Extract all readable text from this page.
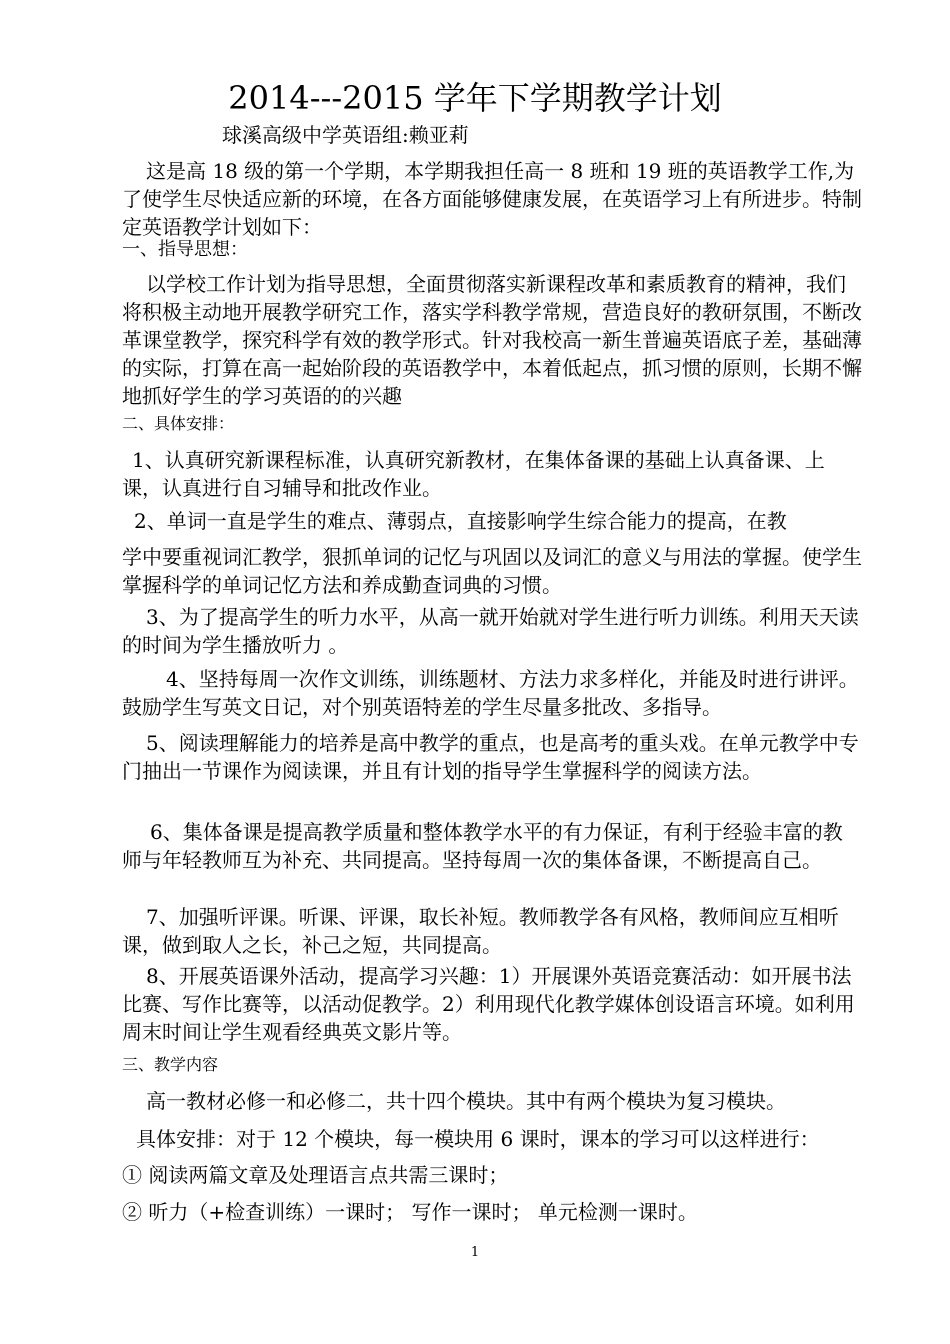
2014---2015 学年下学期教学计划
球溪高级中学英语组:赖亚莉
这是高 18 级的第一个学期，本学期我担任高一 8 班和 19 班的英语教学工作,为了使学生尽快适应新的环境，在各方面能够健康发展，在英语学习上有所进步。特制定英语教学计划如下：
一、指导思想：
以学校工作计划为指导思想，全面贯彻落实新课程改革和素质教育的精神，我们将积极主动地开展教学研究工作，落实学科教学常规，营造良好的教研氛围，不断改革课堂教学，探究科学有效的教学形式。针对我校高一新生普遍英语底子差，基础薄的实际，打算在高一起始阶段的英语教学中，本着低起点，抓习惯的原则，长期不懈地抓好学生的学习英语的的兴趣
二、具体安排：
1、认真研究新课程标准，认真研究新教材，在集体备课的基础上认真备课、上课，认真进行自习辅导和批改作业。
2、单词一直是学生的难点、薄弱点，直接影响学生综合能力的提高，在教
学中要重视词汇教学，狠抓单词的记忆与巩固以及词汇的意义与用法的掌握。使学生掌握科学的单词记忆方法和养成勤查词典的习惯。
3、为了提高学生的听力水平，从高一就开始就对学生进行听力训练。利用天天读的时间为学生播放听力 。
4、坚持每周一次作文训练，训练题材、方法力求多样化，并能及时进行讲评。鼓励学生写英文日记，对个别英语特差的学生尽量多批改、多指导。
5、阅读理解能力的培养是高中教学的重点，也是高考的重头戏。在单元教学中专门抽出一节课作为阅读课，并且有计划的指导学生掌握科学的阅读方法。
6、集体备课是提高教学质量和整体教学水平的有力保证，有利于经验丰富的教师与年轻教师互为补充、共同提高。坚持每周一次的集体备课，不断提高自己。
7、加强听评课。听课、评课，取长补短。教师教学各有风格，教师间应互相听课，做到取人之长，补己之短，共同提高。
8、开展英语课外活动，提高学习兴趣：1）开展课外英语竞赛活动：如开展书法比赛、写作比赛等，以活动促教学。2）利用现代化教学媒体创设语言环境。如利用周末时间让学生观看经典英文影片等。
三、教学内容
高一教材必修一和必修二，共十四个模块。其中有两个模块为复习模块。
具体安排：对于 12 个模块，每一模块用 6 课时，课本的学习可以这样进行：
① 阅读两篇文章及处理语言点共需三课时；
② 听力（+检查训练）一课时； 写作一课时； 单元检测一课时。
1
